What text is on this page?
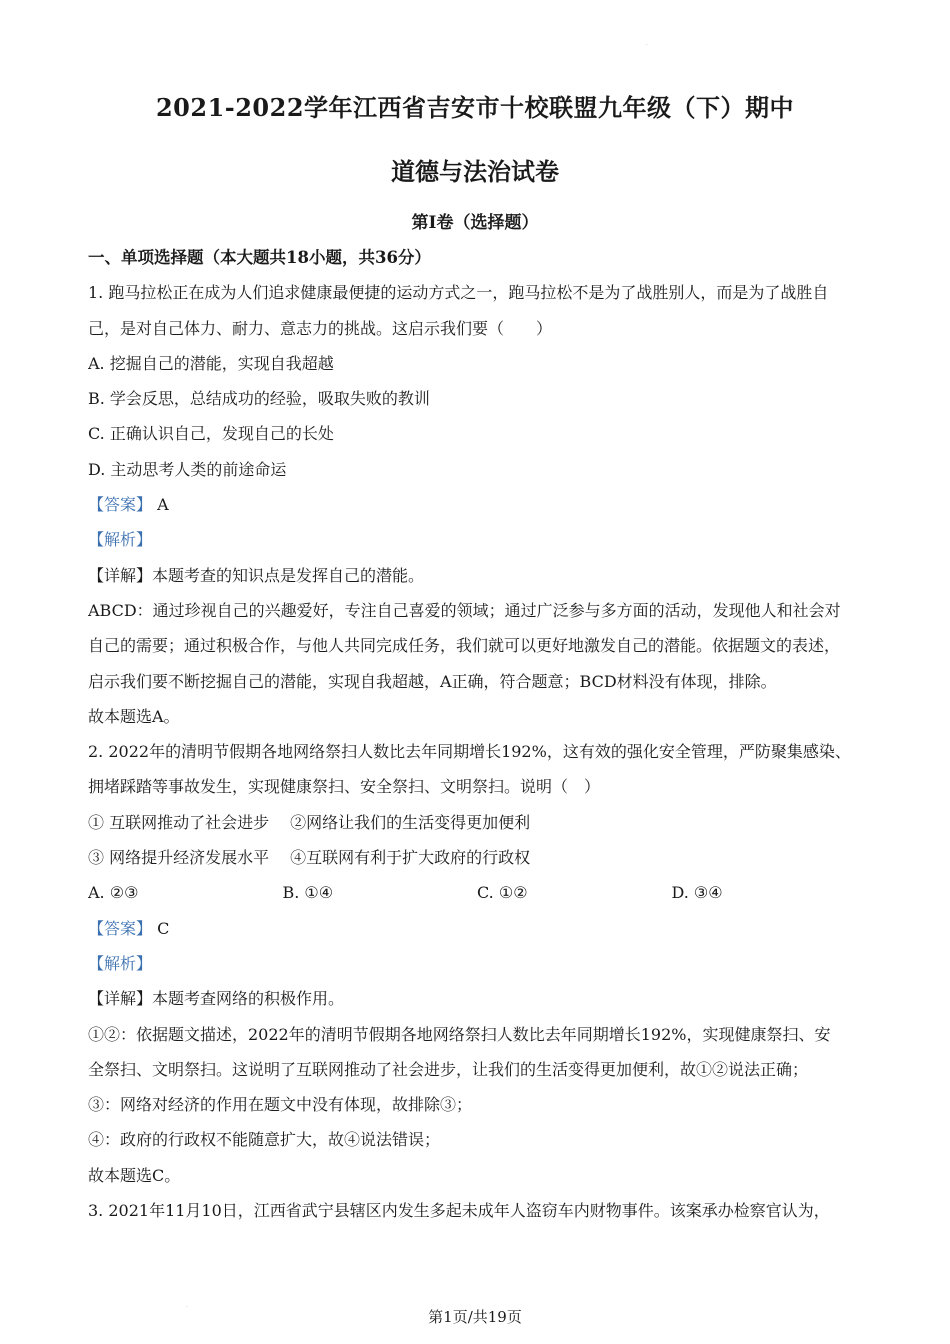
.
2021-2022学年江西省吉安市十校联盟九年级（下）期中
道德与法治试卷
第Ⅰ卷（选择题）
一、单项选择题（本大题共18小题，共36分）
1. 跑马拉松正在成为人们追求健康最便捷的运动方式之一，跑马拉松不是为了战胜别人，而是为了战胜自
己，是对自己体力、耐力、意志力的挑战。这启示我们要（　　）
A. 挖掘自己的潜能，实现自我超越
B. 学会反思，总结成功的经验，吸取失败的教训
C. 正确认识自己，发现自己的长处
D. 主动思考人类的前途命运
【答案】 A
【解析】
【详解】本题考查的知识点是发挥自己的潜能。
ABCD：通过珍视自己的兴趣爱好，专注自己喜爱的领域；通过广泛参与多方面的活动，发现他人和社会对
自己的需要；通过积极合作，与他人共同完成任务，我们就可以更好地激发自己的潜能。依据题文的表述，
启示我们要不断挖掘自己的潜能，实现自我超越，A正确，符合题意；BCD材料没有体现，排除。
故本题选A。
2. 2022年的清明节假期各地网络祭扫人数比去年同期增长192%，这有效的强化安全管理，严防聚集感染、
拥堵踩踏等事故发生，实现健康祭扫、安全祭扫、文明祭扫。说明（　）
① 互联网推动了社会进步　 ②网络让我们的生活变得更加便利
③ 网络提升经济发展水平　 ④互联网有利于扩大政府的行政权
A. ②③	B. ①④	C. ①②	D. ③④
【答案】 C
【解析】
【详解】本题考查网络的积极作用。
①②：依据题文描述，2022年的清明节假期各地网络祭扫人数比去年同期增长192%，实现健康祭扫、安
全祭扫、文明祭扫。这说明了互联网推动了社会进步，让我们的生活变得更加便利，故①②说法正确；
③：网络对经济的作用在题文中没有体现，故排除③；
④：政府的行政权不能随意扩大，故④说法错误；
故本题选C。
3. 2021年11月10日，江西省武宁县辖区内发生多起未成年人盗窃车内财物事件。该案承办检察官认为，
.
第1页/共19页
